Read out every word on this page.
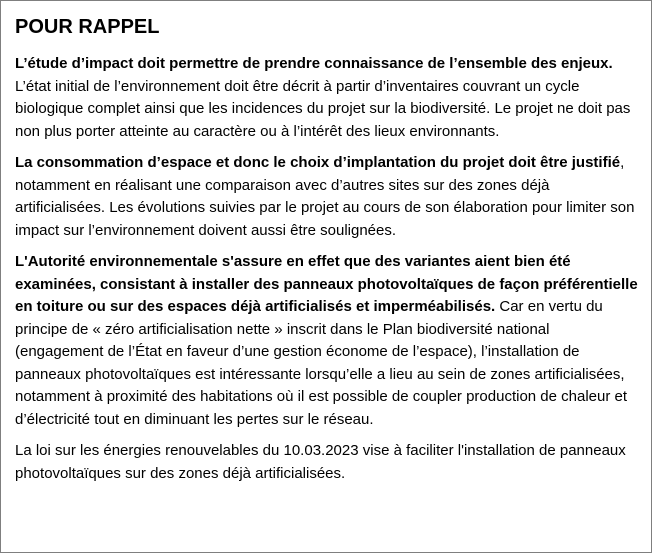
POUR RAPPEL

L’étude d’impact doit permettre de prendre connaissance de l’ensemble des enjeux. L’état initial de l’environnement doit être décrit à partir d’inventaires couvrant un cycle biologique complet ainsi que les incidences du projet sur la biodiversité. Le projet ne doit pas non plus porter atteinte au caractère ou à l’intérêt des lieux environnants.

La consommation d’espace et donc le choix d’implantation du projet doit être justifié, notamment en réalisant une comparaison avec d’autres sites sur des zones déjà artificialisées. Les évolutions suivies par le projet au cours de son élaboration pour limiter son impact sur l’environnement doivent aussi être soulignées.

L'Autorité environnementale s'assure en effet que des variantes aient bien été examinées, consistant à installer des panneaux photovoltaïques de façon préférentielle en toiture ou sur des espaces déjà artificialisés et imperméabilisés. Car en vertu du principe de « zéro artificialisation nette » inscrit dans le Plan biodiversité national (engagement de l’État en faveur d’une gestion économe de l’espace), l’installation de panneaux photovoltaïques est intéressante lorsqu’elle a lieu au sein de zones artificialisées, notamment à proximité des habitations où il est possible de coupler production de chaleur et d’électricité tout en diminuant les pertes sur le réseau.

La loi sur les énergies renouvelables du 10.03.2023 vise à faciliter l'installation de panneaux photovoltaïques sur des zones déjà artificialisées.
